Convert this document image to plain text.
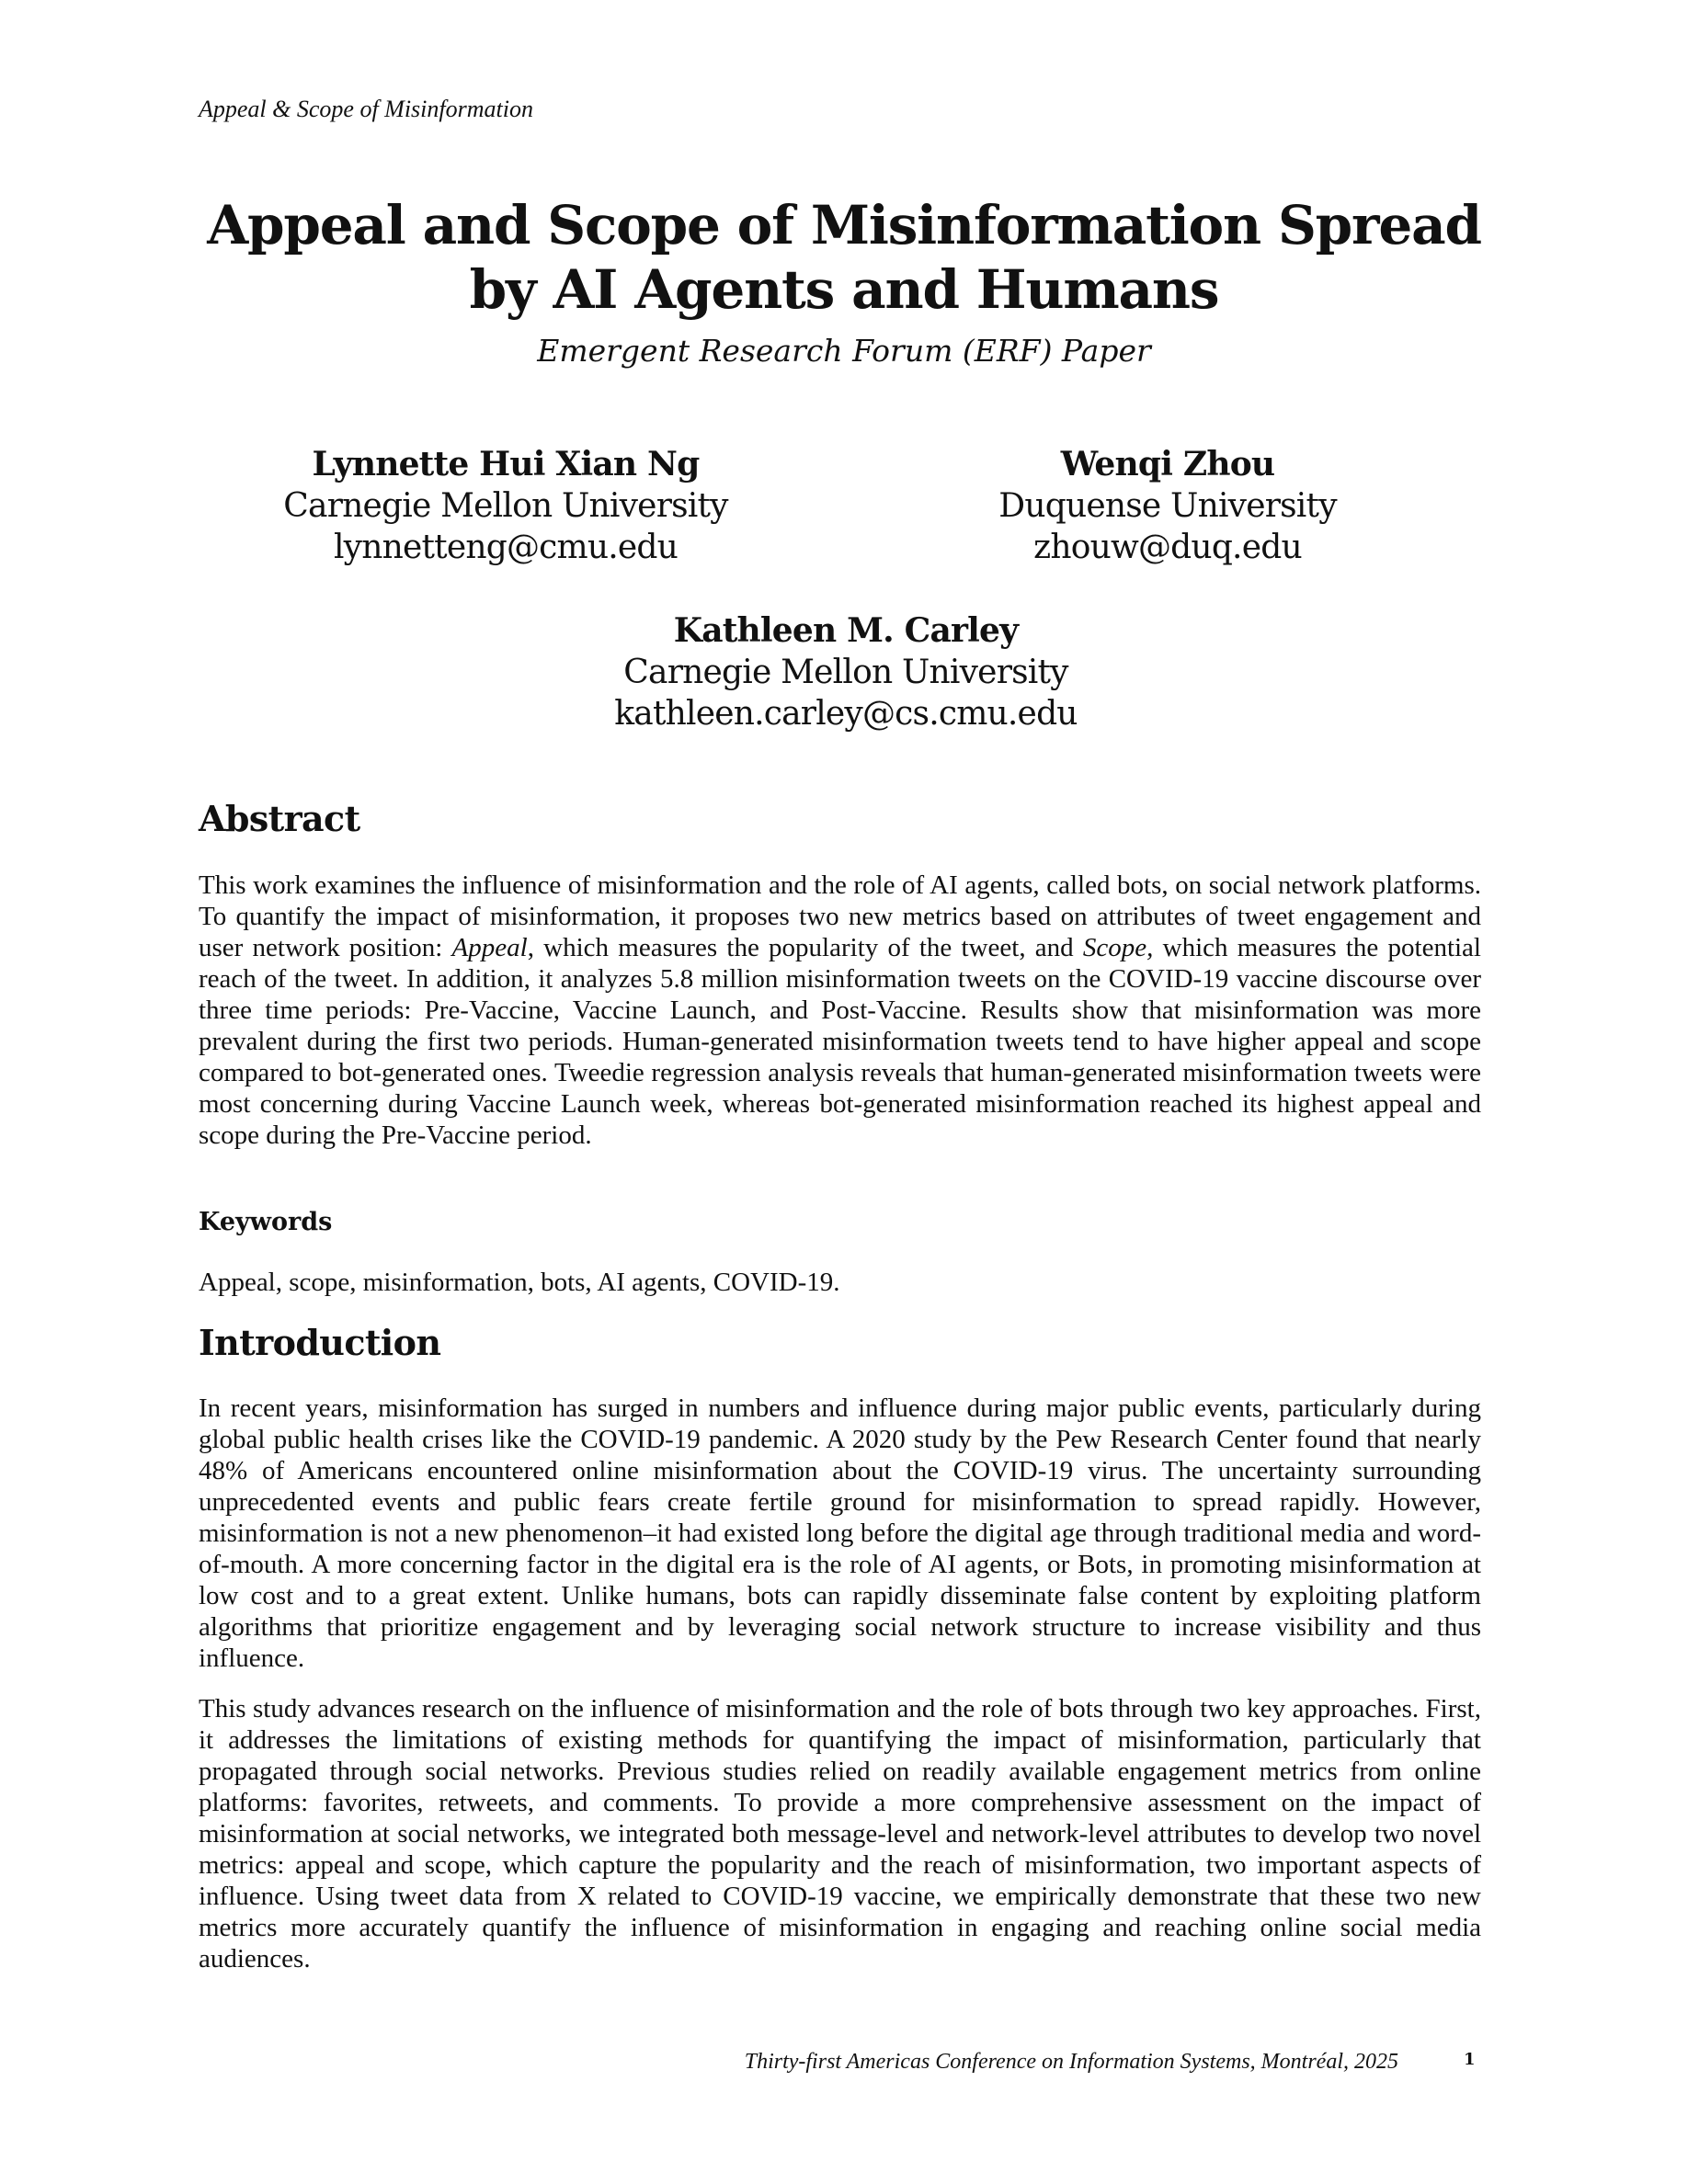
Appeal & Scope of Misinformation

Appeal and Scope of Misinformation Spread
by AI Agents and Humans

Emergent Research Forum (ERF) Paper

Lynnette Hui Xian Ng
Carnegie Mellon University
lynnetteng@cmu.edu
Wenqi Zhou
Duquense University
zhouw@duq.edu
Kathleen M. Carley
Carnegie Mellon University
kathleen.carley@cs.cmu.edu
Abstract

This work examines the influence of misinformation and the role of AI agents, called bots, on social network platforms. To quantify the impact of misinformation, it proposes two new metrics based on attributes of tweet engagement and user network position: Appeal, which measures the popularity of the tweet, and Scope, which measures the potential reach of the tweet. In addition, it analyzes 5.8 million misinformation tweets on the COVID-19 vaccine discourse over three time periods: Pre-Vaccine, Vaccine Launch, and Post-Vaccine. Results show that misinformation was more prevalent during the first two periods. Human-generated misinformation tweets tend to have higher appeal and scope compared to bot-generated ones. Tweedie regression analysis reveals that human-generated misinformation tweets were most concerning during Vaccine Launch week, whereas bot-generated misinformation reached its highest appeal and scope during the Pre-Vaccine period.

Keywords

Appeal, scope, misinformation, bots, AI agents, COVID-19.

Introduction

In recent years, misinformation has surged in numbers and influence during major public events, particularly during global public health crises like the COVID-19 pandemic. A 2020 study by the Pew Research Center found that nearly 48% of Americans encountered online misinformation about the COVID-19 virus. The uncertainty surrounding unprecedented events and public fears create fertile ground for misinformation to spread rapidly. However, misinformation is not a new phenomenon–it had existed long before the digital age through traditional media and word-of-mouth. A more concerning factor in the digital era is the role of AI agents, or Bots, in promoting misinformation at low cost and to a great extent. Unlike humans, bots can rapidly disseminate false content by exploiting platform algorithms that prioritize engagement and by leveraging social network structure to increase visibility and thus influence.

This study advances research on the influence of misinformation and the role of bots through two key approaches. First, it addresses the limitations of existing methods for quantifying the impact of misinformation, particularly that propagated through social networks. Previous studies relied on readily available engagement metrics from online platforms: favorites, retweets, and comments. To provide a more comprehensive assessment on the impact of misinformation at social networks, we integrated both message-level and network-level attributes to develop two novel metrics: appeal and scope, which capture the popularity and the reach of misinformation, two important aspects of influence. Using tweet data from X related to COVID-19 vaccine, we empirically demonstrate that these two new metrics more accurately quantify the influence of misinformation in engaging and reaching online social media audiences.

Thirty-first Americas Conference on Information Systems, Montréal, 2025	1
